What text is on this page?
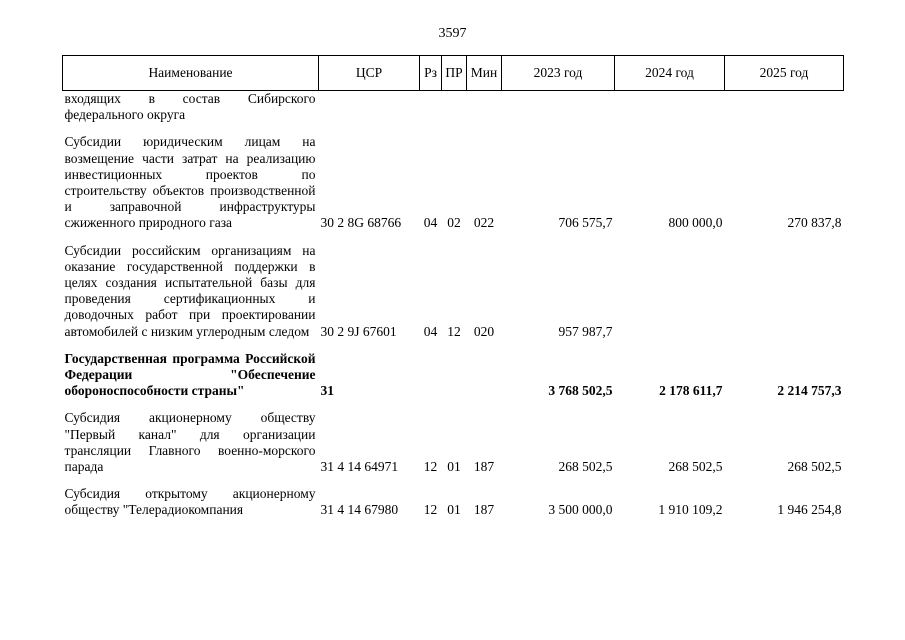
3597
Наименование	ЦСР	Рз	ПР	Мин	2023 год	2024 год	2025 год
входящих в состав Сибирского федерального округа							

Субсидии юридическим лицам на возмещение части затрат на реализацию инвестиционных проектов по строительству объектов производственной и заправочной инфраструктуры сжиженного природного газа	30 2 8G 68766	04	02	022	706 575,7	800 000,0	270 837,8

Субсидии российским организациям на оказание государственной поддержки в целях создания испытательной базы для проведения сертификационных и доводочных работ при проектировании автомобилей с низким углеродным следом	30 2 9J 67601	04	12	020	957 987,7		

Государственная программа Российской Федерации "Обеспечение обороноспособности страны"	31				3 768 502,5	2 178 611,7	2 214 757,3

Субсидия акционерному обществу "Первый канал" для организации трансляции Главного военно-морского парада	31 4 14 64971	12	01	187	268 502,5	268 502,5	268 502,5

Субсидия открытому акционерному обществу "Телерадиокомпания	31 4 14 67980	12	01	187	3 500 000,0	1 910 109,2	1 946 254,8
